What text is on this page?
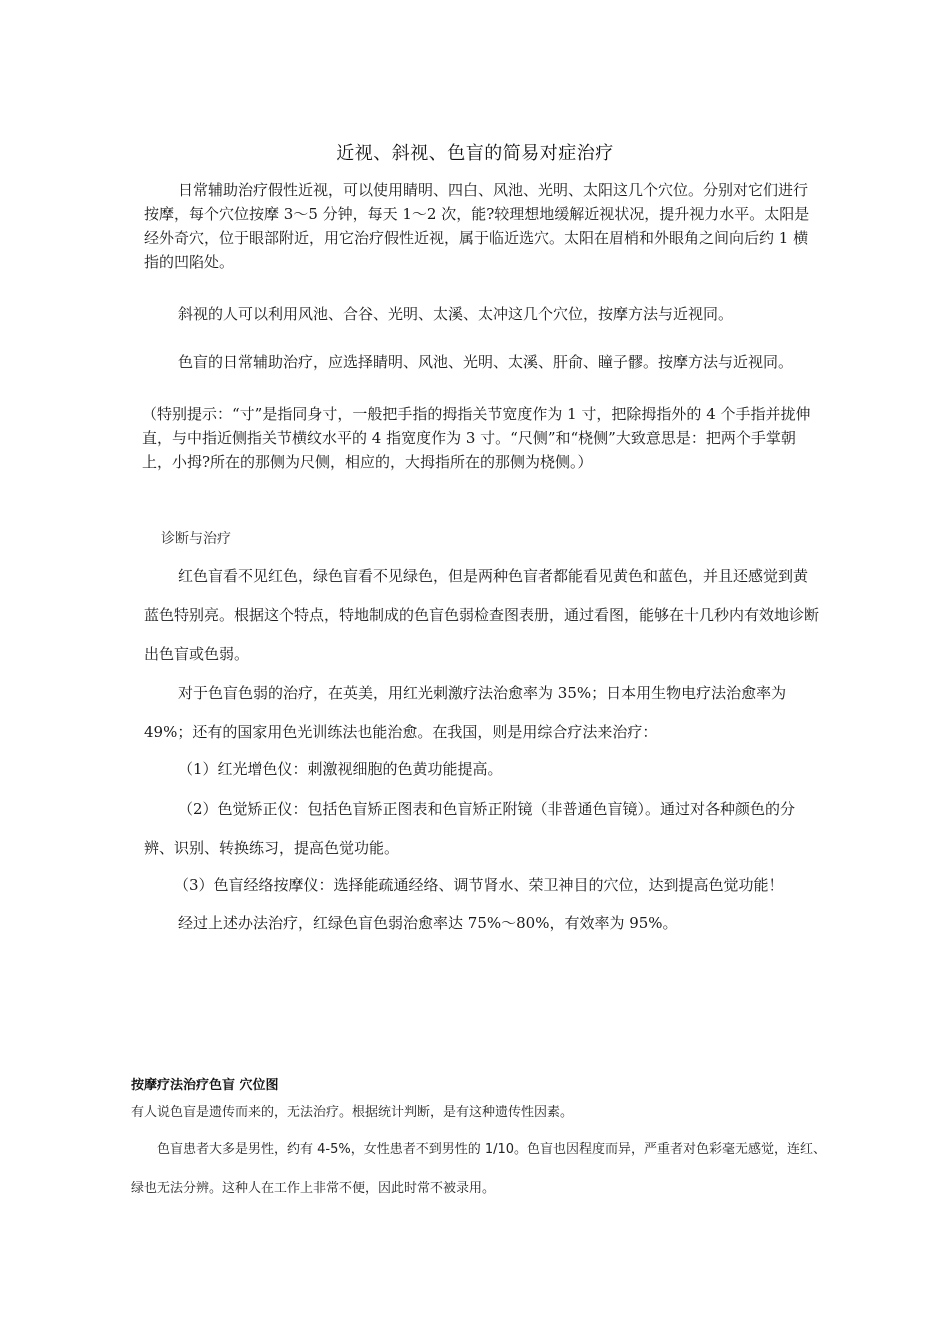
近视、斜视、色盲的简易对症治疗

日常辅助治疗假性近视，可以使用睛明、四白、风池、光明、太阳这几个穴位。分别对它们进行按摩，每个穴位按摩 3～5 分钟，每天 1～2 次，能?较理想地缓解近视状况，提升视力水平。太阳是经外奇穴，位于眼部附近，用它治疗假性近视，属于临近选穴。太阳在眉梢和外眼角之间向后约 1 横指的凹陷处。

斜视的人可以利用风池、合谷、光明、太溪、太冲这几个穴位，按摩方法与近视同。

色盲的日常辅助治疗，应选择睛明、风池、光明、太溪、肝俞、瞳子髎。按摩方法与近视同。

（特别提示：“寸”是指同身寸，一般把手指的拇指关节宽度作为 1 寸，把除拇指外的 4 个手指并拢伸直，与中指近侧指关节横纹水平的 4 指宽度作为 3 寸。“尺侧”和“桡侧”大致意思是：把两个手掌朝上，小拇?所在的那侧为尺侧，相应的，大拇指所在的那侧为桡侧。）

诊断与治疗

红色盲看不见红色，绿色盲看不见绿色，但是两种色盲者都能看见黄色和蓝色，并且还感觉到黄蓝色特别亮。根据这个特点，特地制成的色盲色弱检查图表册，通过看图，能够在十几秒内有效地诊断出色盲或色弱。

对于色盲色弱的治疗，在英美，用红光刺激疗法治愈率为 35%；日本用生物电疗法治愈率为 49%；还有的国家用色光训练法也能治愈。在我国，则是用综合疗法来治疗：

（1）红光增色仪：刺激视细胞的色黄功能提高。

（2）色觉矫正仪：包括色盲矫正图表和色盲矫正附镜（非普通色盲镜）。通过对各种颜色的分辨、识别、转换练习，提高色觉功能。

（3）色盲经络按摩仪：选择能疏通经络、调节肾水、荣卫神目的穴位，达到提高色觉功能！
经过上述办法治疗，红绿色盲色弱治愈率达 75%～80%，有效率为 95%。
按摩疗法治疗色盲 穴位图

有人说色盲是遗传而来的，无法治疗。根据统计判断，是有这种遗传性因素。

色盲患者大多是男性，约有 4-5%，女性患者不到男性的 1/10。色盲也因程度而异，严重者对色彩毫无感觉，连红、绿也无法分辨。这种人在工作上非常不便，因此时常不被录用。
